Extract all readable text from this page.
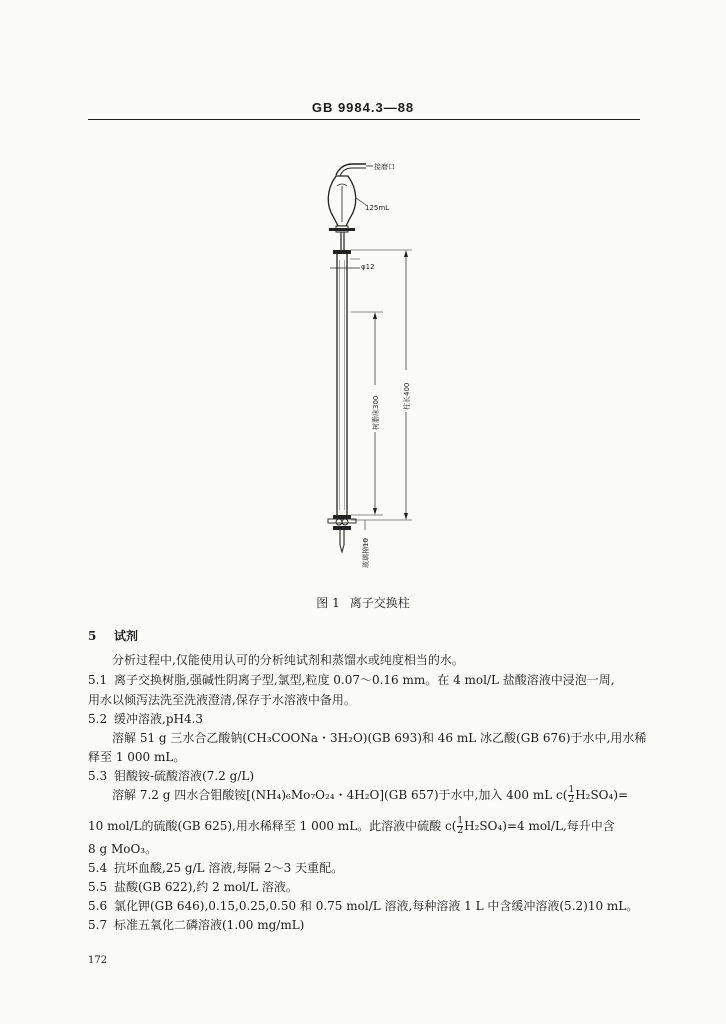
GB 9984.3—88
接磨口
125mL
φ12
树脂床300	柱长400
玻璃棉10
图 1 离子交换柱
5 试剂
分析过程中,仅能使用认可的分析纯试剂和蒸馏水或纯度相当的水。
5.1 离子交换树脂,强碱性阴离子型,氯型,粒度 0.07～0.16 mm。在 4 mol/L 盐酸溶液中浸泡一周,
用水以倾泻法洗至洗液澄清,保存于水溶液中备用。
5.2 缓冲溶液,pH4.3
溶解 51 g 三水合乙酸钠(CH₃COONa・3H₂O)(GB 693)和 46 mL 冰乙酸(GB 676)于水中,用水稀
释至 1 000 mL。
5.3 钼酸铵-硫酸溶液(7.2 g/L)
溶解 7.2 g 四水合钼酸铵[(NH₄)₆Mo₇O₂₄・4H₂O](GB 657)于水中,加入 400 mL $c( \frac{1}{2} H_2SO_4)=$
10 mol/L的硫酸(GB 625),用水稀释至 1 000 mL。此溶液中硫酸 $c( \frac{1}{2} H_2SO_4)=4$ mol/L,每升中含
8 g MoO₃。
5.4 抗坏血酸,25 g/L 溶液,每隔 2～3 天重配。
5.5 盐酸(GB 622),约 2 mol/L 溶液。
5.6 氯化钾(GB 646),0.15,0.25,0.50 和 0.75 mol/L 溶液,每种溶液 1 L 中含缓冲溶液(5.2)10 mL。
5.7 标准五氧化二磷溶液(1.00 mg/mL)
172
